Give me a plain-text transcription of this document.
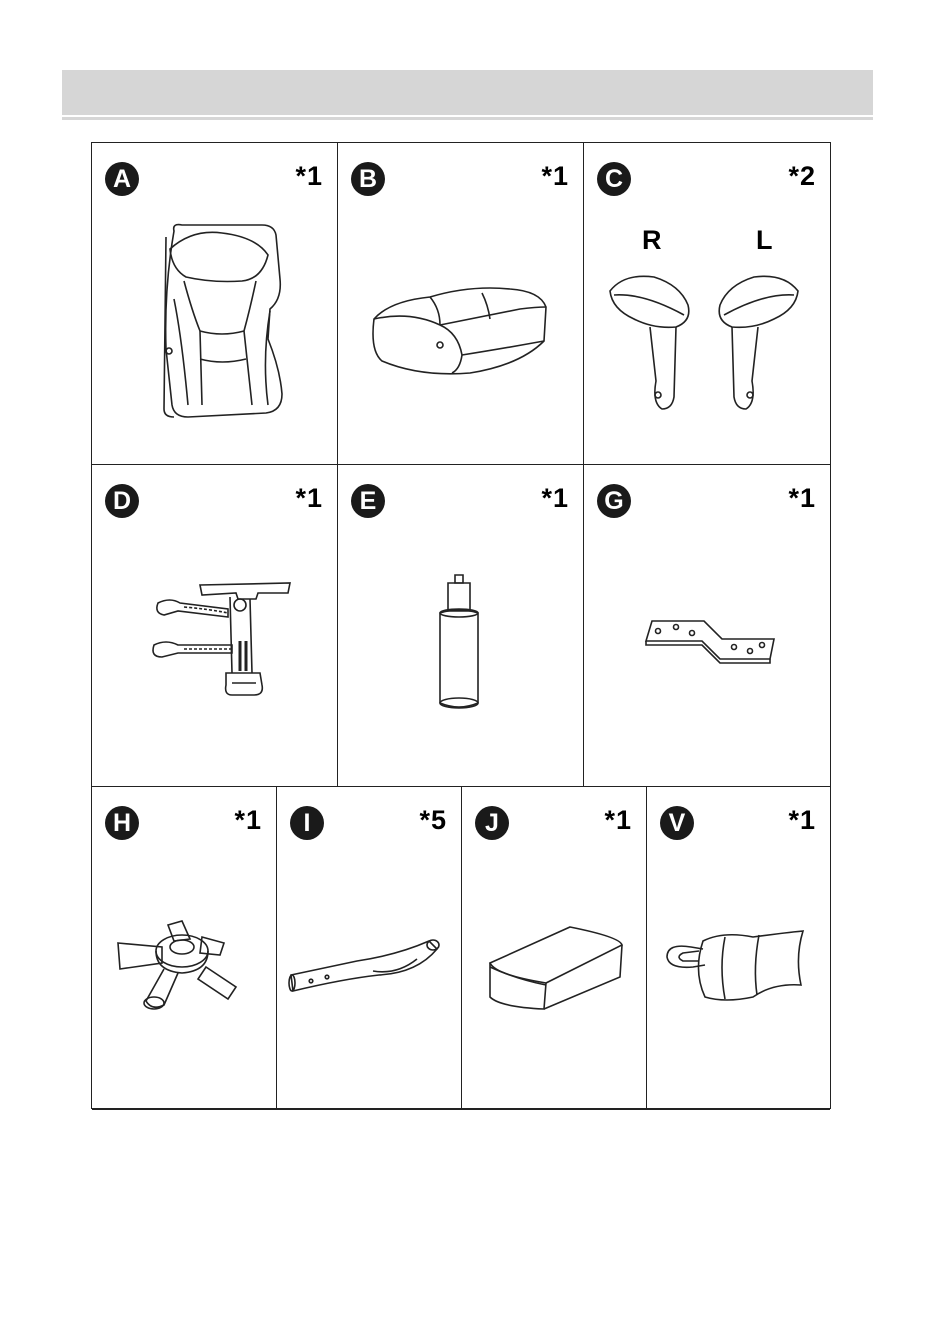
A	*1	B	*1	C	*2
R	L
D	*1	E	*1 G	*1
H	*1	I	*5	J	*1	V	*1
